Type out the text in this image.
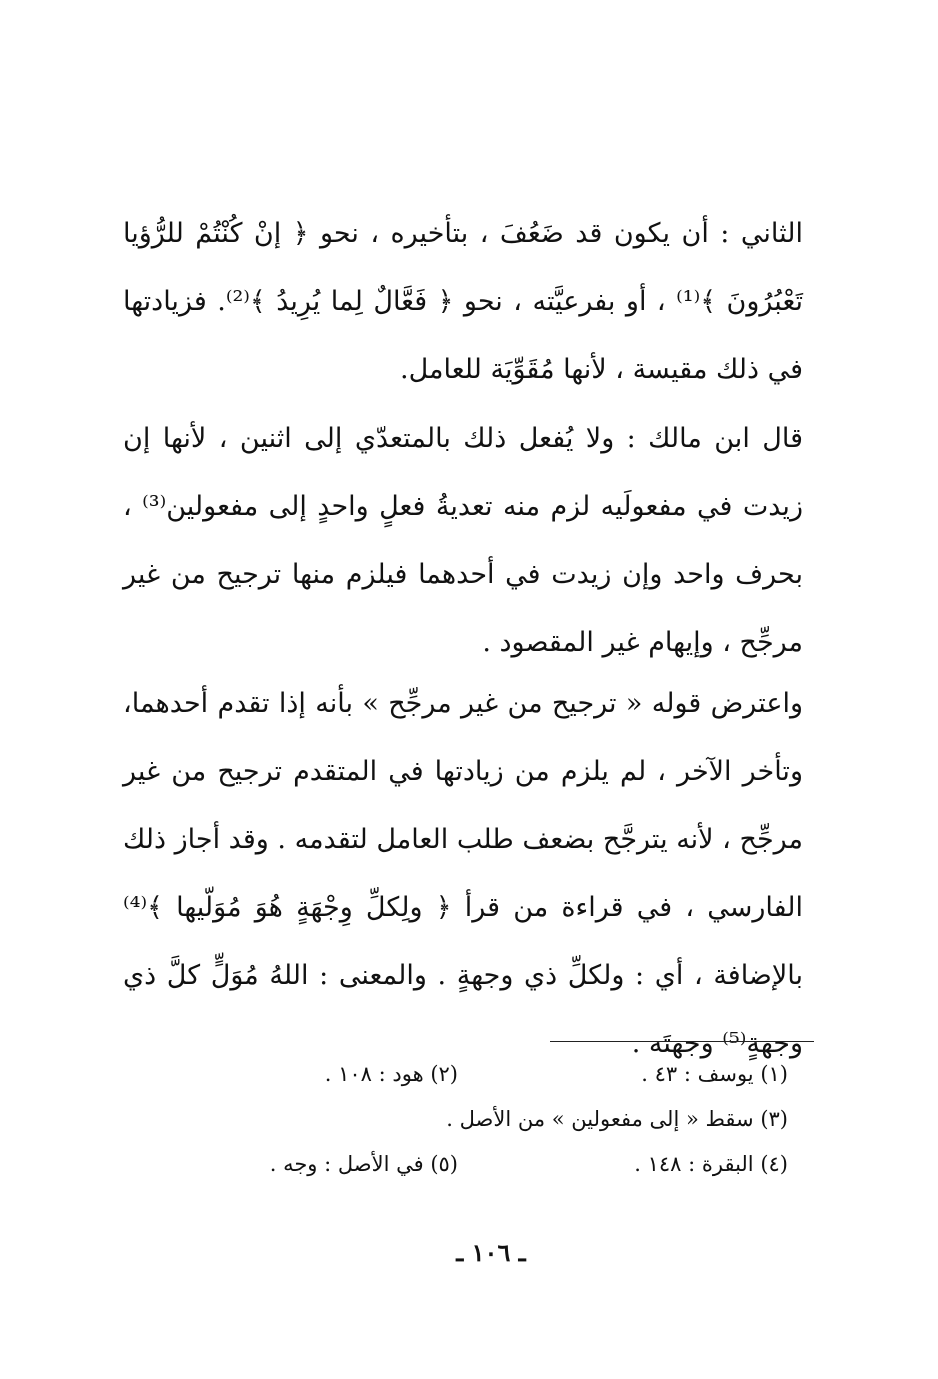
الثاني : أن يكون قد ضَعُفَ ، بتأخيره ، نحو ﴿ إنْ كُنْتُمْ للرُّؤيا تَعْبُرُونَ ﴾⁽¹⁾ ، أو بفرعيَّته ، نحو ﴿ فَعَّالٌ لِما يُرِيدُ ﴾⁽²⁾. فزيادتها في ذلك مقيسة ، لأنها مُقَوِّيَة للعامل.

قال ابن مالك : ولا يُفعل ذلك بالمتعدّي إلى اثنين ، لأنها إن زيدت في مفعولَيه لزم منه تعديةُ فعلٍ واحدٍ إلى مفعولين⁽³⁾ ، بحرف واحد وإن زيدت في أحدهما فيلزم منها ترجيح من غير مرجِّح ، وإيهام غير المقصود .

واعترض قوله « ترجيح من غير مرجِّح » بأنه إذا تقدم أحدهما، وتأخر الآخر ، لم يلزم من زيادتها في المتقدم ترجيح من غير مرجِّح ، لأنه يترجَّح بضعف طلب العامل لتقدمه . وقد أجاز ذلك الفارسي ، في قراءة من قرأ ﴿ ولِكلِّ وِجْهَةٍ هُوَ مُوَلّيها ﴾⁽⁴⁾ بالإضافة ، أي : ولكلِّ ذي وجهةٍ . والمعنى : اللهُ مُوَلٍّ كلَّ ذي وجهةٍ⁽⁵⁾ وجهتَه .

(١) يوسف : ٤٣ .
(٢) هود : ١٠٨ .
(٣) سقط « إلى مفعولين » من الأصل .
(٤) البقرة : ١٤٨ .
(٥) في الأصل : وجه .
ـ ١٠٦ ـ
